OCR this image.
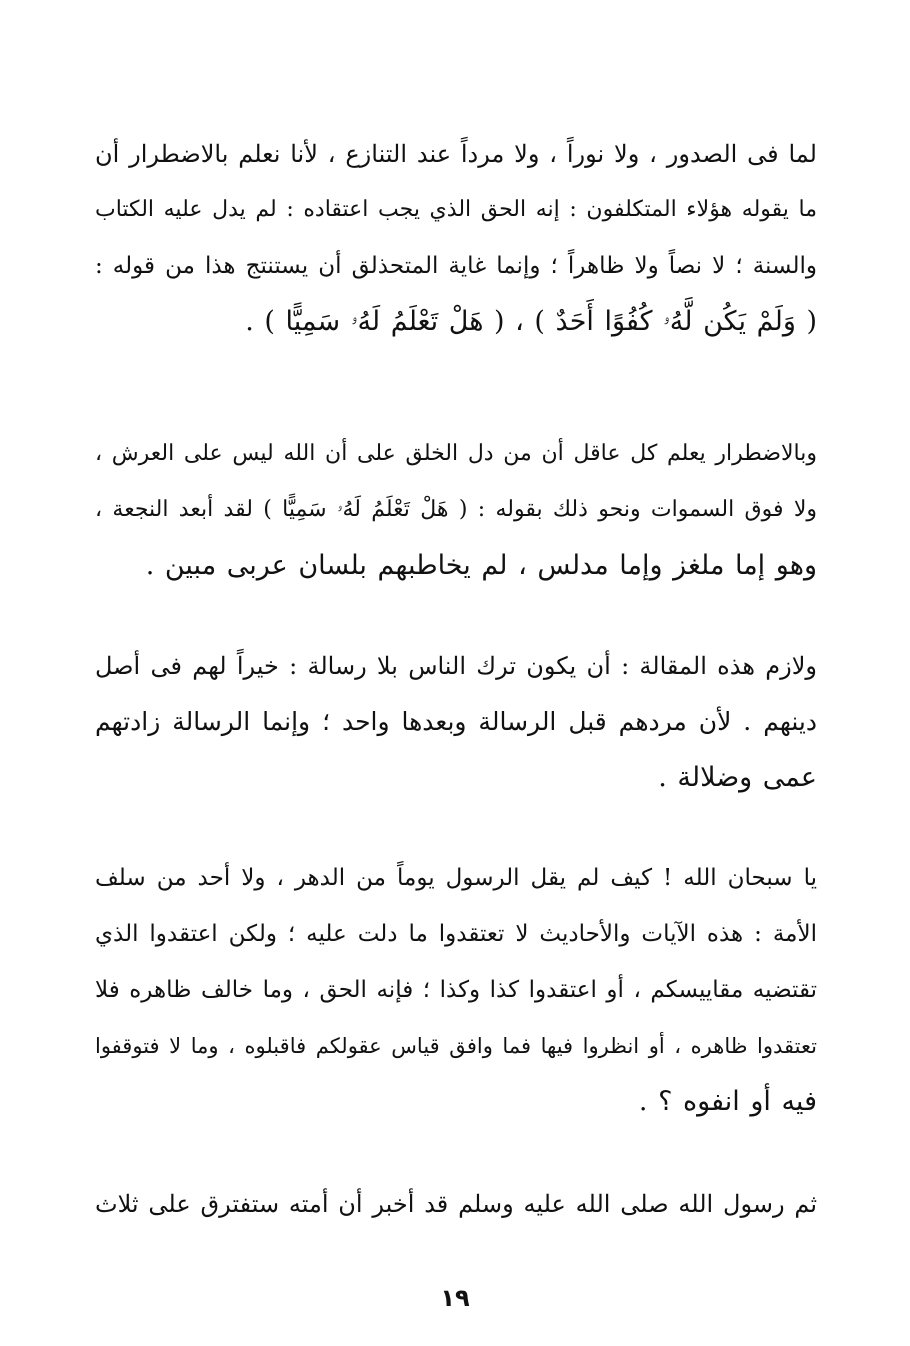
لما فى الصدور ، ولا نوراً ، ولا مرداً عند التنازع ، لأنا نعلم بالاضطرار أن
ما يقوله هؤلاء المتكلفون : إنه الحق الذي يجب اعتقاده : لم يدل عليه الكتاب
والسنة ؛ لا نصاً ولا ظاهراً ؛ وإنما غاية المتحذلق أن يستنتج هذا من قوله :
( وَلَمْ يَكُن لَّهُۥ كُفُوًا أَحَدٌ ) ، ( هَلْ تَعْلَمُ لَهُۥ سَمِيًّا ) .
وبالاضطرار يعلم كل عاقل أن من دل الخلق على أن الله ليس على العرش ،
ولا فوق السموات ونحو ذلك بقوله : ( هَلْ تَعْلَمُ لَهُۥ سَمِيًّا ) لقد أبعد النجعة ،
وهو إما ملغز وإما مدلس ، لم يخاطبهم بلسان عربى مبين .
ولازم هذه المقالة : أن يكون ترك الناس بلا رسالة : خيراً لهم فى أصل
دينهم . لأن مردهم قبل الرسالة وبعدها واحد ؛ وإنما الرسالة زادتهم
عمى وضلالة .
يا سبحان الله ! كيف لم يقل الرسول يوماً من الدهر ، ولا أحد من سلف
الأمة : هذه الآيات والأحاديث لا تعتقدوا ما دلت عليه ؛ ولكن اعتقدوا الذي
تقتضيه مقاييسكم ، أو اعتقدوا كذا وكذا ؛ فإنه الحق ، وما خالف ظاهره فلا
تعتقدوا ظاهره ، أو انظروا فيها فما وافق قياس عقولكم فاقبلوه ، وما لا فتوقفوا
فيه أو انفوه ؟ .
ثم رسول الله صلى الله عليه وسلم قد أخبر أن أمته ستفترق على ثلاث
١٩
